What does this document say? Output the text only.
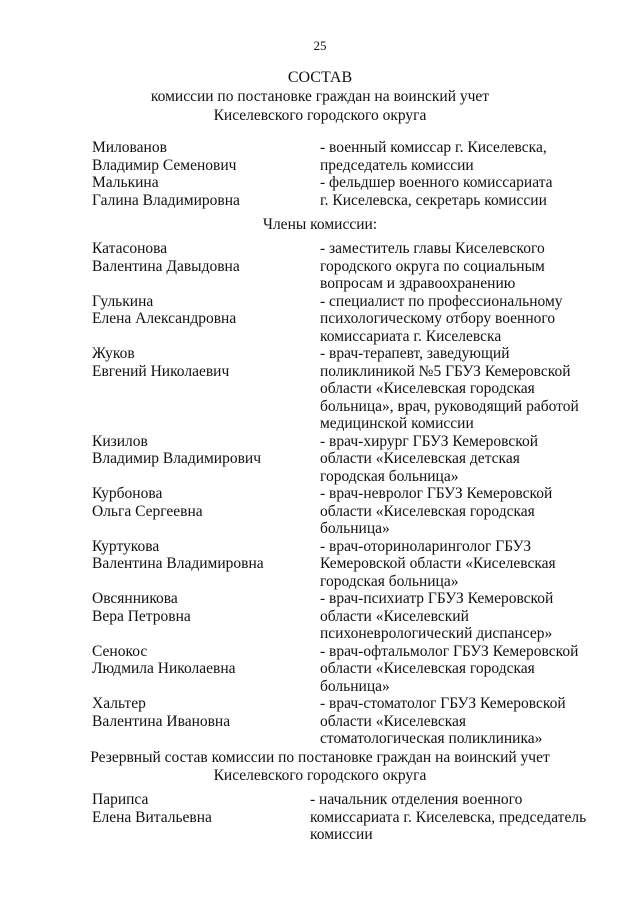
25
СОСТАВ
комиссии по постановке граждан на воинский учет
Киселевского городского округа
Милованов
Владимир Семенович
- военный комиссар г. Киселевска,
председатель комиссии
Малькина
Галина Владимировна
- фельдшер военного комиссариата
г. Киселевска, секретарь комиссии
Члены комиссии:
Катасонова
Валентина Давыдовна
- заместитель главы Киселевского
городского округа по социальным
вопросам и здравоохранению
Гулькина
Елена Александровна
- специалист по профессиональному
психологическому отбору военного
комиссариата г. Киселевска
Жуков
Евгений Николаевич
- врач-терапевт, заведующий
поликлиникой №5 ГБУЗ Кемеровской
области «Киселевская городская
больница», врач, руководящий работой
медицинской комиссии
Кизилов
Владимир Владимирович
- врач-хирург ГБУЗ Кемеровской
области «Киселевская детская
городская больница»
Курбонова
Ольга Сергеевна
- врач-невролог ГБУЗ Кемеровской
области «Киселевская городская
больница»
Куртукова
Валентина Владимировна
- врач-оториноларинголог ГБУЗ
Кемеровской области «Киселевская
городская больница»
Овсянникова
Вера Петровна
- врач-психиатр ГБУЗ Кемеровской
области «Киселевский
психоневрологический диспансер»
Сенокос
Людмила Николаевна
- врач-офтальмолог ГБУЗ Кемеровской
области «Киселевская городская
больница»
Хальтер
Валентина Ивановна
- врач-стоматолог ГБУЗ Кемеровской
области «Киселевская
стоматологическая поликлиника»
Резервный состав комиссии по постановке граждан на воинский учет
Киселевского городского округа
Парипса
Елена Витальевна
- начальник отделения военного
комиссариата г. Киселевска, председатель
комиссии
